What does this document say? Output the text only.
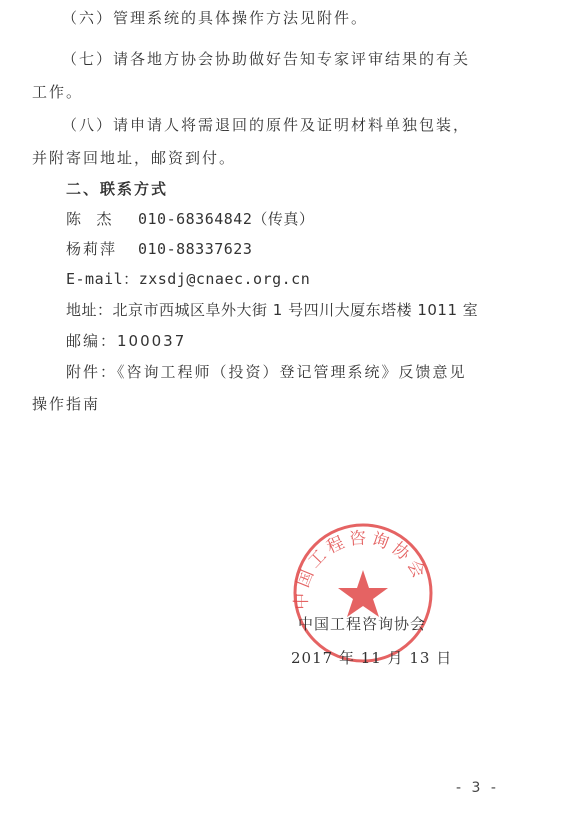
（六）管理系统的具体操作方法见附件。
（七）请各地方协会协助做好告知专家评审结果的有关
工作。
（八）请申请人将需退回的原件及证明材料单独包装，
并附寄回地址，邮资到付。
二、联系方式
陈  杰 010-68364842（传真）
杨莉萍 010-88337623
E-mail：zxsdj@cnaec.org.cn
地址：北京市西城区阜外大街 1 号四川大厦东塔楼 1011 室
邮编：100037
附件：《咨询工程师（投资）登记管理系统》反馈意见
操作指南
中国工程咨询协会
中国工程咨询协会
2017 年 11 月 13 日
- 3 -
